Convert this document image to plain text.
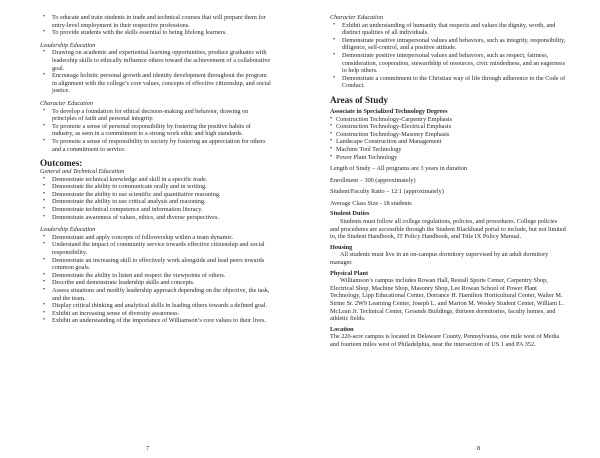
• To educate and train students in trade and technical courses that will prepare them for entry-level employment in their respective professions.
• To provide students with the skills essential to being lifelong learners.
Leadership Education
• Drawing on academic and experiential learning opportunities, produce graduates with leadership skills to ethically influence others toward the achievement of a collaborative goal.
• Encourage holistic personal growth and identity development throughout the program in alignment with the college’s core values, concepts of effective citizenship, and social justice.
Character Education
• To develop a foundation for ethical decision-making and behavior, drawing on principles of faith and personal integrity.
• To promote a sense of personal responsibility by fostering the positive habits of industry, as seen in a commitment to a strong work ethic and high standards.
• To promote a sense of responsibility to society by fostering an appreciation for others and a commitment to service.
Outcomes:
General and Technical Education
• Demonstrate technical knowledge and skill in a specific trade.
• Demonstrate the ability to communicate orally and in writing.
• Demonstrate the ability to use scientific and quantitative reasoning.
• Demonstrate the ability to use critical analysis and reasoning.
• Demonstrate technical competence and information literacy.
• Demonstrate awareness of values, ethics, and diverse perspectives.
Leadership Education
• Demonstrate and apply concepts of followership within a team dynamic.
• Understand the impact of community service towards effective citizenship and social responsibility.
• Demonstrate an increasing skill to effectively work alongside and lead peers towards common goals.
• Demonstrate the ability to listen and respect the viewpoints of others.
• Describe and demonstrate leadership skills and concepts.
• Assess situations and modify leadership approach depending on the objective, the task, and the team.
• Display critical thinking and analytical skills in leading others towards a defined goal.
• Exhibit an increasing sense of diversity awareness.
• Exhibit an understanding of the importance of Williamson’s core values to their lives.
7
Character Education
• Exhibit an understanding of humanity that respects and values the dignity, worth, and distinct qualities of all individuals.
• Demonstrate positive intrapersonal values and behaviors, such as integrity, responsibility, diligence, self-control, and a positive attitude.
• Demonstrate positive interpersonal values and behaviors, such as respect, fairness, consideration, cooperation, stewardship of resources, civic mindedness, and an eagerness to help others.
• Demonstrate a commitment to the Christian way of life through adherence to the Code of Conduct.
Areas of Study
Associate in Specialized Technology Degrees
• Construction Technology-Carpentry Emphasis
• Construction Technology-Electrical Emphasis
• Construction Technology-Masonry Emphasis
• Landscape Construction and Management
• Machine Tool Technology
• Power Plant Technology
Length of Study – All programs are 3 years in duration
Enrollment – 300 (approximately)
Student/Faculty Ratio – 12:1 (approximately)
Average Class Size - 18 students
Student Duties
Students must follow all college regulations, policies, and procedures. College policies and procedures are accessible through the Student Blackbaud portal to include, but not limited to, the Student Handbook, IT Policy Handbook, and Title IX Policy Manual.
Housing
All students must live in an on-campus dormitory supervised by an adult dormitory manager.
Physical Plant
Williamson’s campus includes Rowan Hall, Restall Sports Center, Carpentry Shop, Electrical Shop, Machine Shop, Masonry Shop, Lee Rowan School of Power Plant Technology, Lipp Educational Center, Dorrance H. Hamilton Horticultural Center, Walter M. Strine Sr. 2W9 Learning Center, Joseph L. and Marion M. Wesley Student Center, William L. McLean Jr. Technical Center, Grounds Buildings, thirteen dormitories, faculty homes, and athletic fields.
Location
The 220-acre campus is located in Delaware County, Pennsylvania, one mile west of Media and fourteen miles west of Philadelphia, near the intersection of US 1 and PA 352.
8
